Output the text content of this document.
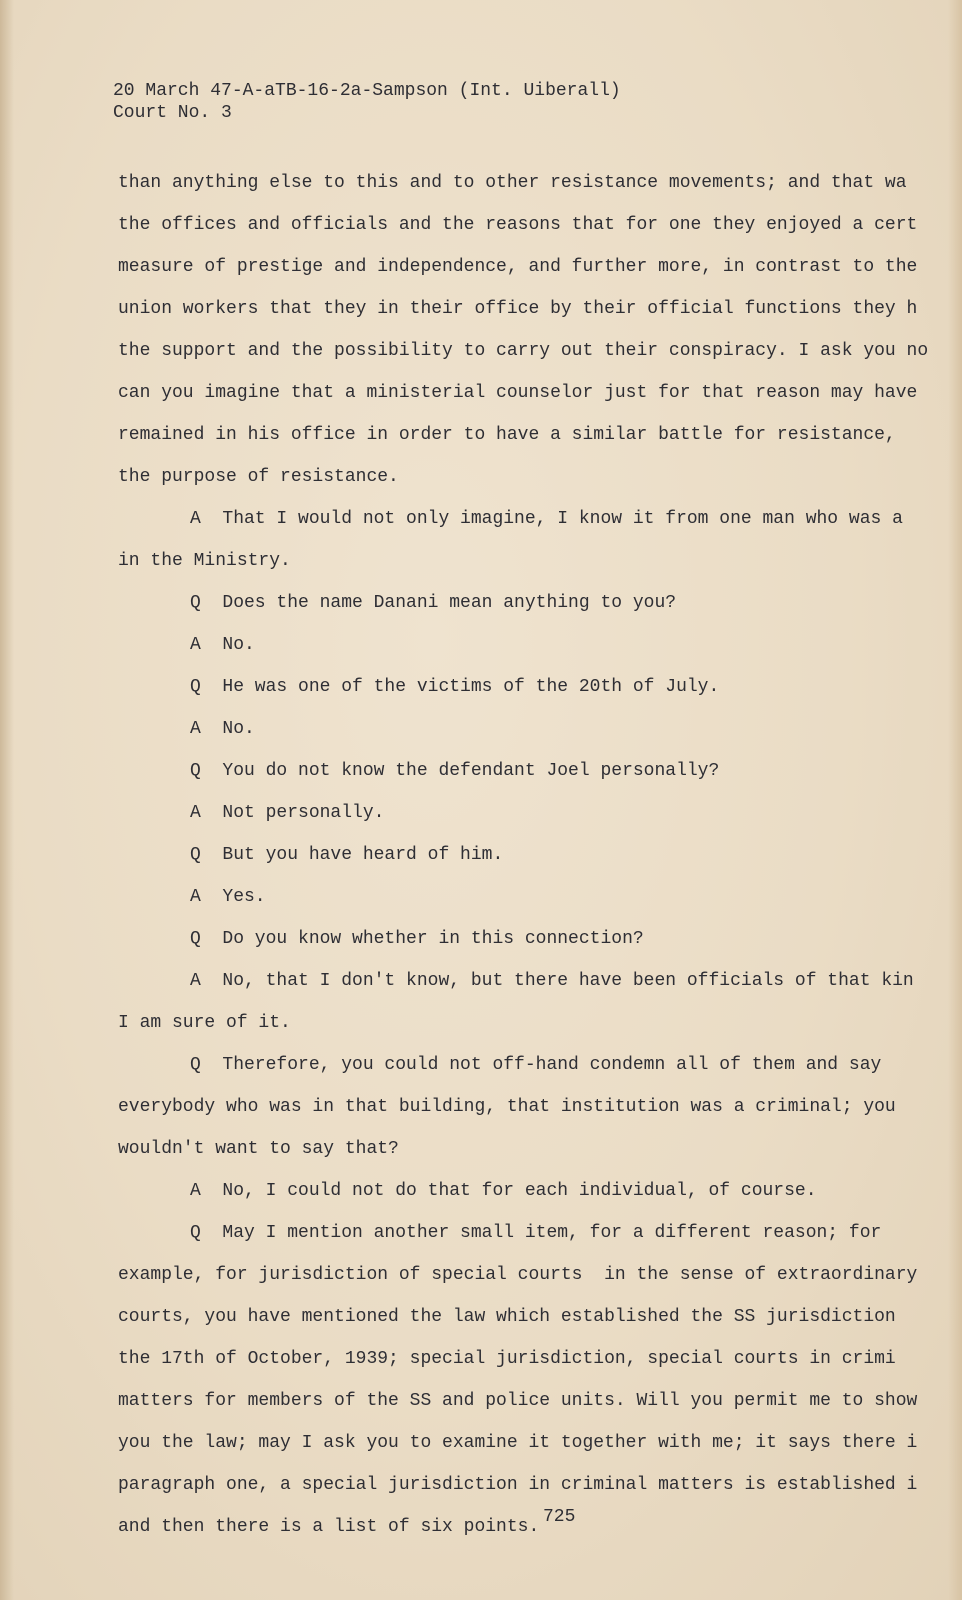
20 March 47-A-aTB-16-2a-Sampson (Int. Uiberall)
Court No. 3
than anything else to this and to other resistance movements; and that wa
the offices and officials and the reasons that for one they enjoyed a cert
measure of prestige and independence, and further more, in contrast to the
union workers that they in their office by their official functions they h
the support and the possibility to carry out their conspiracy. I ask you no
can you imagine that a ministerial counselor just for that reason may have
remained in his office in order to have a similar battle for resistance,
the purpose of resistance.
A  That I would not only imagine, I know it from one man who was a
in the Ministry.
Q  Does the name Danani mean anything to you?
A  No.
Q  He was one of the victims of the 20th of July.
A  No.
Q  You do not know the defendant Joel personally?
A  Not personally.
Q  But you have heard of him.
A  Yes.
Q  Do you know whether in this connection?
A  No, that I don't know, but there have been officials of that kin
I am sure of it.
Q  Therefore, you could not off-hand condemn all of them and say
everybody who was in that building, that institution was a criminal; you
wouldn't want to say that?
A  No, I could not do that for each individual, of course.
Q  May I mention another small item, for a different reason; for
example, for jurisdiction of special courts  in the sense of extraordinary
courts, you have mentioned the law which established the SS jurisdiction
the 17th of October, 1939; special jurisdiction, special courts in crimi
matters for members of the SS and police units. Will you permit me to show
you the law; may I ask you to examine it together with me; it says there i
paragraph one, a special jurisdiction in criminal matters is established i
and then there is a list of six points. 725
